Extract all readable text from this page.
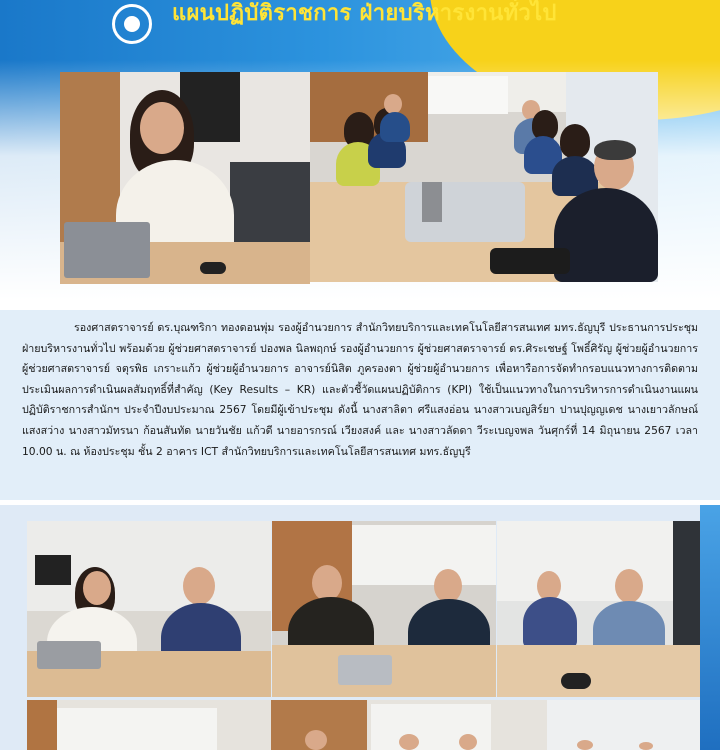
แผนปฏิบัติราชการ ฝ่ายบริหารงานทั่วไป
รองศาสตราจารย์ ดร.บุณฑริกา ทองดอนพุ่ม รองผู้อำนวยการ สำนักวิทยบริการและเทคโนโลยีสารสนเทศ มทร.ธัญบุรี ประธานการประชุมฝ่ายบริหารงานทั่วไป พร้อมด้วย ผู้ช่วยศาสตราจารย์ ปองพล นิลพฤกษ์ รองผู้อำนวยการ ผู้ช่วยศาสตราจารย์ ดร.ศิระเชษฐ์ โพธิ์ศิรัญ ผู้ช่วยผู้อำนวยการ ผู้ช่วยศาสตราจารย์ จตุรพิธ เกราะแก้ว ผู้ช่วยผู้อำนวยการ อาจารย์นิสิต ภูครองตา ผู้ช่วยผู้อำนวยการ เพื่อหารือการจัดทำกรอบแนวทางการติดตามประเมินผลการดำเนินผลสัมฤทธิ์ที่สำคัญ (Key Results – KR) และตัวชี้วัดแผนปฏิบัติการ (KPI) ใช้เป็นแนวทางในการบริหารการดำเนินงานแผนปฏิบัติราชการสำนักฯ ประจำปีงบประมาณ 2567 โดยมีผู้เข้าประชุม ดังนี้ นางสาลิตา ศรีแสงอ่อน นางสาวเบญสิร์ยา ปานปุญญเดช นางเยาวลักษณ์ แสงสว่าง นางสาวมัทรนา ก้อนสันทัด นายวันชัย แก้วดี นายอารกรณ์ เวียงสงค์ และ นางสาวลัดดา วีระเบญจพล วันศุกร์ที่ 14 มิถุนายน 2567 เวลา 10.00 น. ณ ห้องประชุม ชั้น 2 อาคาร ICT สำนักวิทยบริการและเทคโนโลยีสารสนเทศ มทร.ธัญบุรี
